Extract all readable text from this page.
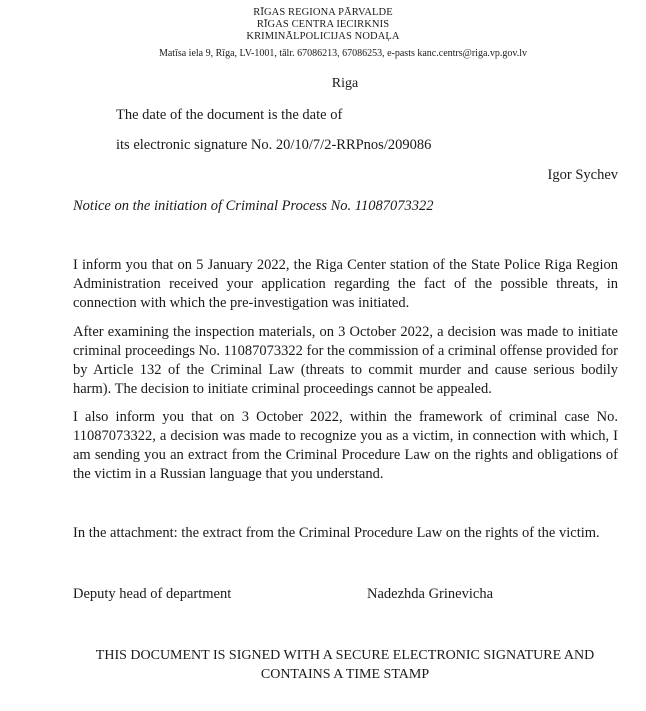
RĪGAS REGIONA PĀRVALDE
RĪGAS CENTRA IECIRKNIS
KRIMINĀLPOLICIJAS NODAĻA
Matīsa iela 9, Rīga, LV-1001, tālr. 67086213, 67086253, e-pasts kanc.centrs@riga.vp.gov.lv
Riga
The date of the document is the date of
its electronic signature No. 20/10/7/2-RRPnos/209086
Igor Sychev
Notice on the initiation of Criminal Process No. 11087073322

I inform you that on 5 January 2022, the Riga Center station of the State Police Riga Region Administration received your application regarding the fact of the possible threats, in connection with which the pre-investigation was initiated.

After examining the inspection materials, on 3 October 2022, a decision was made to initiate criminal proceedings No. 11087073322 for the commission of a criminal offense provided for by Article 132 of the Criminal Law (threats to commit murder and cause serious bodily harm). The decision to initiate criminal proceedings cannot be appealed.

I also inform you that on 3 October 2022, within the framework of criminal case No. 11087073322, a decision was made to recognize you as a victim, in connection with which, I am sending you an extract from the Criminal Procedure Law on the rights and obligations of the victim in a Russian language that you understand.

In the attachment: the extract from the Criminal Procedure Law on the rights of the victim.
Deputy head of department	Nadezhda Grinevicha
THIS DOCUMENT IS SIGNED WITH A SECURE ELECTRONIC SIGNATURE AND
CONTAINS A TIME STAMP
